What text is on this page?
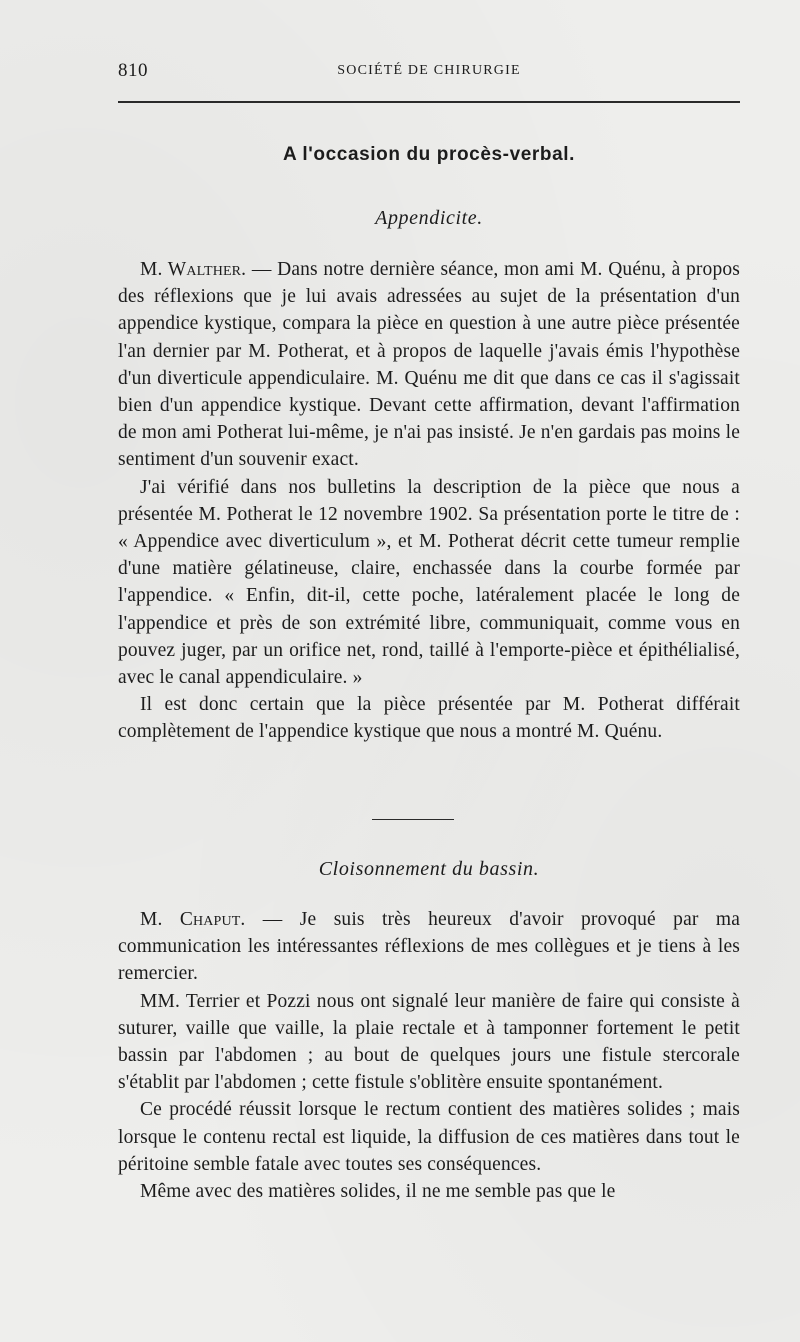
810	SOCIÉTÉ DE CHIRURGIE
A l'occasion du procès-verbal.
Appendicite.

M. Walther. — Dans notre dernière séance, mon ami M. Quénu, à propos des réflexions que je lui avais adressées au sujet de la présentation d'un appendice kystique, compara la pièce en question à une autre pièce présentée l'an dernier par M. Potherat, et à propos de laquelle j'avais émis l'hypothèse d'un diverticule appendiculaire. M. Quénu me dit que dans ce cas il s'agissait bien d'un appendice kystique. Devant cette affirmation, devant l'affirmation de mon ami Potherat lui-même, je n'ai pas insisté. Je n'en gardais pas moins le sentiment d'un souvenir exact.

J'ai vérifié dans nos bulletins la description de la pièce que nous a présentée M. Potherat le 12 novembre 1902. Sa présentation porte le titre de : « Appendice avec diverticulum », et M. Potherat décrit cette tumeur remplie d'une matière gélatineuse, claire, enchassée dans la courbe formée par l'appendice. « Enfin, dit-il, cette poche, latéralement placée le long de l'appendice et près de son extrémité libre, communiquait, comme vous en pouvez juger, par un orifice net, rond, taillé à l'emporte-pièce et épithélialisé, avec le canal appendiculaire. »

Il est donc certain que la pièce présentée par M. Potherat différait complètement de l'appendice kystique que nous a montré M. Quénu.

Cloisonnement du bassin.

M. Chaput. — Je suis très heureux d'avoir provoqué par ma communication les intéressantes réflexions de mes collègues et je tiens à les remercier.

MM. Terrier et Pozzi nous ont signalé leur manière de faire qui consiste à suturer, vaille que vaille, la plaie rectale et à tamponner fortement le petit bassin par l'abdomen ; au bout de quelques jours une fistule stercorale s'établit par l'abdomen ; cette fistule s'oblitère ensuite spontanément.

Ce procédé réussit lorsque le rectum contient des matières solides ; mais lorsque le contenu rectal est liquide, la diffusion de ces matières dans tout le péritoine semble fatale avec toutes ses conséquences.

Même avec des matières solides, il ne me semble pas que le
